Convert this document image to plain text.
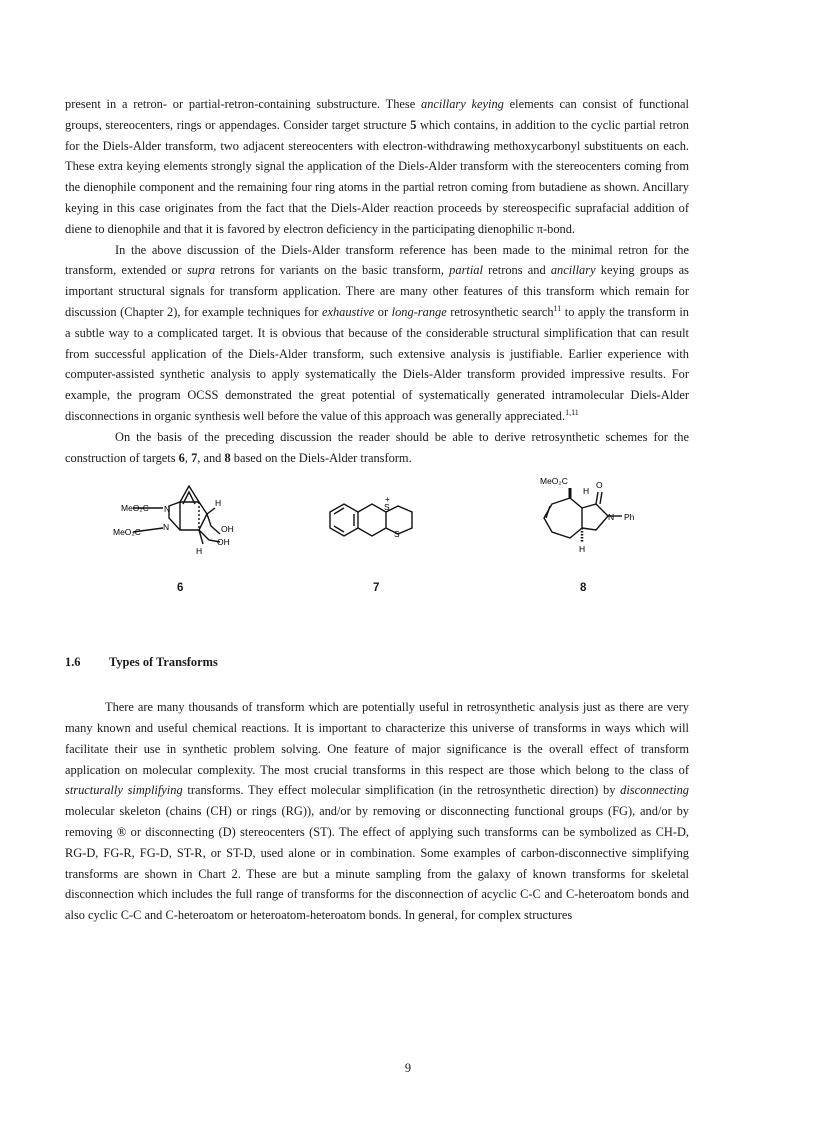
present in a retron- or partial-retron-containing substructure. These ancillary keying elements can consist of functional groups, stereocenters, rings or appendages. Consider target structure 5 which contains, in addition to the cyclic partial retron for the Diels-Alder transform, two adjacent stereocenters with electron-withdrawing methoxycarbonyl substituents on each. These extra keying elements strongly signal the application of the Diels-Alder transform with the stereocenters coming from the dienophile component and the remaining four ring atoms in the partial retron coming from butadiene as shown. Ancillary keying in this case originates from the fact that the Diels-Alder reaction proceeds by stereospecific suprafacial addition of diene to dienophile and that it is favored by electron deficiency in the participating dienophilic π-bond.

In the above discussion of the Diels-Alder transform reference has been made to the minimal retron for the transform, extended or supra retrons for variants on the basic transform, partial retrons and ancillary keying groups as important structural signals for transform application. There are many other features of this transform which remain for discussion (Chapter 2), for example techniques for exhaustive or long-range retrosynthetic search$^{11}$ to apply the transform in a subtle way to a complicated target. It is obvious that because of the considerable structural simplification that can result from successful application of the Diels-Alder transform, such extensive analysis is justifiable. Earlier experience with computer-assisted synthetic analysis to apply systematically the Diels-Alder transform provided impressive results. For example, the program OCSS demonstrated the great potential of systematically generated intramolecular Diels-Alder disconnections in organic synthesis well before the value of this approach was generally appreciated.$^{1,11}$

On the basis of the preceding discussion the reader should be able to derive retrosynthetic schemes for the construction of targets 6, 7, and 8 based on the Diels-Alder transform.

MeO₂C
MeO₂C
N
N
H
H
OH
OH
6
S
+
S
7
MeO₂C
H
O
N Ph
H
8
1.6 Types of Transforms

There are many thousands of transform which are potentially useful in retrosynthetic analysis just as there are very many known and useful chemical reactions. It is important to characterize this universe of transforms in ways which will facilitate their use in synthetic problem solving. One feature of major significance is the overall effect of transform application on molecular complexity. The most crucial transforms in this respect are those which belong to the class of structurally simplifying transforms. They effect molecular simplification (in the retrosynthetic direction) by disconnecting molecular skeleton (chains (CH) or rings (RG)), and/or by removing or disconnecting functional groups (FG), and/or by removing ® or disconnecting (D) stereocenters (ST). The effect of applying such transforms can be symbolized as CH-D, RG-D, FG-R, FG-D, ST-R, or ST-D, used alone or in combination. Some examples of carbon-disconnective simplifying transforms are shown in Chart 2. These are but a minute sampling from the galaxy of known transforms for skeletal disconnection which includes the full range of transforms for the disconnection of acyclic C-C and C-heteroatom bonds and also cyclic C-C and C-heteroatom or heteroatom-heteroatom bonds. In general, for complex structures

9
